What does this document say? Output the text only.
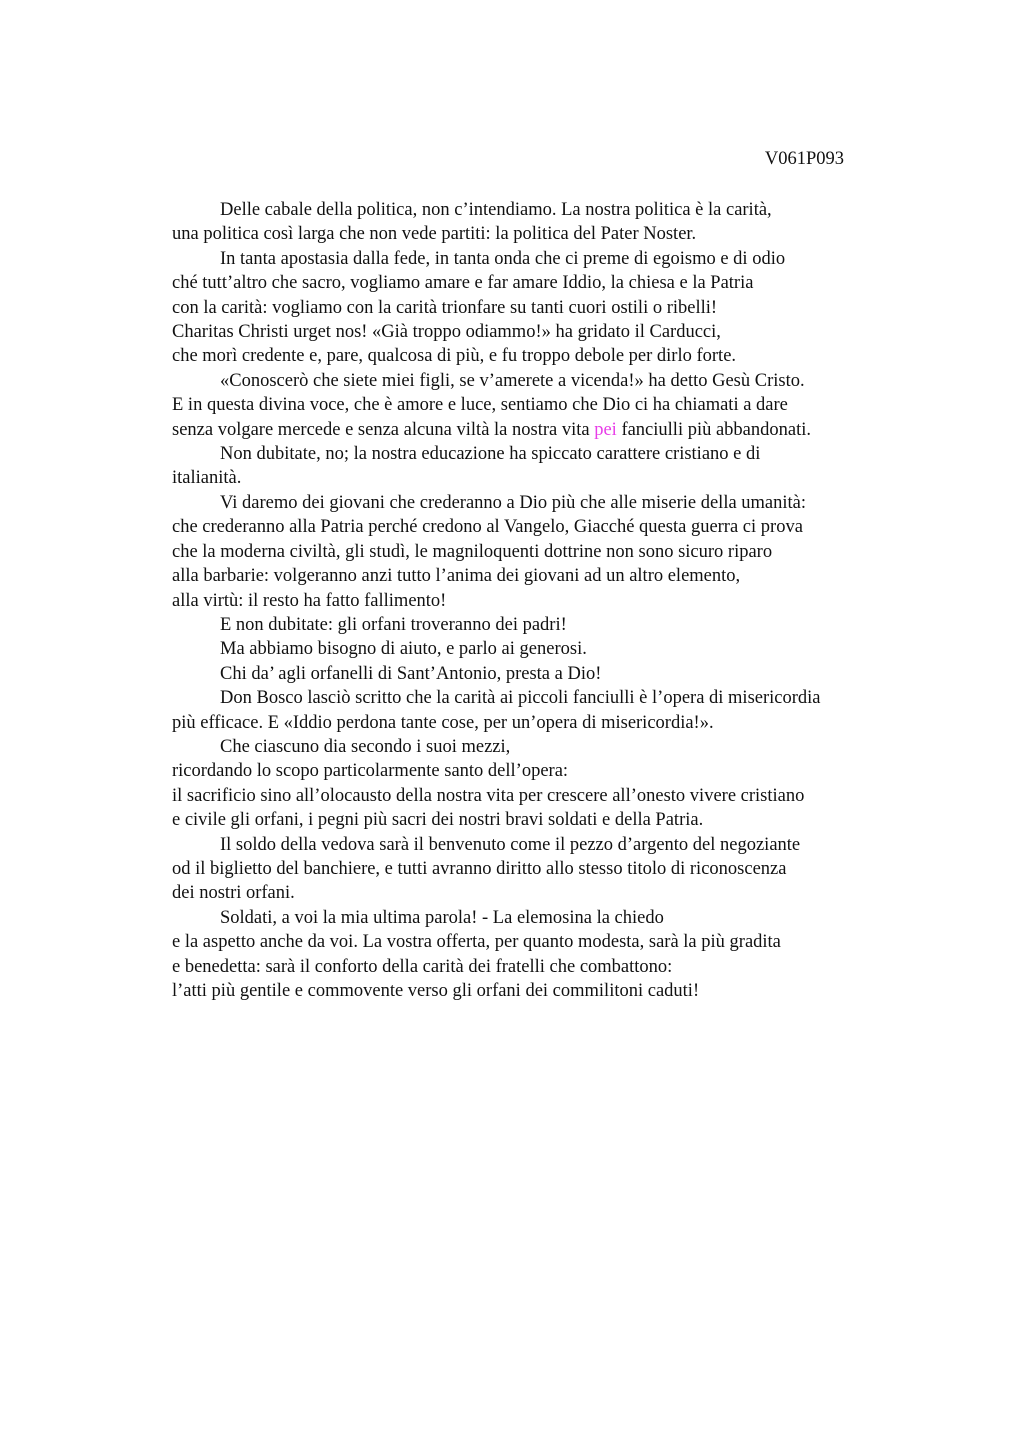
V061P093
Delle cabale della politica, non c’intendiamo. La nostra politica è la carità,
una politica così larga che non vede partiti: la politica del Pater Noster.
In tanta apostasia dalla fede, in tanta onda che ci preme di egoismo e di odio
ché tutt’altro che sacro, vogliamo amare e far amare Iddio, la chiesa e la Patria
con la carità: vogliamo con la carità trionfare su tanti cuori ostili o ribelli!
Charitas Christi urget nos! «Già troppo odiammo!» ha gridato il Carducci,
che morì credente e, pare, qualcosa di più, e fu troppo debole per dirlo forte.
«Conoscerò che siete miei figli, se v’amerete a vicenda!» ha detto Gesù Cristo.
E in questa divina voce, che è amore e luce, sentiamo che Dio ci ha chiamati a dare
senza volgare mercede e senza alcuna viltà la nostra vita pei fanciulli più abbandonati.
Non dubitate, no; la nostra educazione ha spiccato carattere cristiano e di
italianità.
Vi daremo dei giovani che crederanno a Dio più che alle miserie della umanità:
che crederanno alla Patria perché credono al Vangelo, Giacché questa guerra ci prova
che la moderna civiltà, gli studì, le magniloquenti dottrine non sono sicuro riparo
alla barbarie: volgeranno anzi tutto l’anima dei giovani ad un altro elemento,
alla virtù: il resto ha fatto fallimento!
E non dubitate: gli orfani troveranno dei padri!
Ma abbiamo bisogno di aiuto, e parlo ai generosi.
Chi da’ agli orfanelli di Sant’Antonio, presta a Dio!
Don Bosco lasciò scritto che la carità ai piccoli fanciulli è l’opera di misericordia
più efficace. E «Iddio perdona tante cose, per un’opera di misericordia!».
Che ciascuno dia secondo i suoi mezzi,
ricordando lo scopo particolarmente santo dell’opera:
il sacrificio sino all’olocausto della nostra vita per crescere all’onesto vivere cristiano
e civile gli orfani, i pegni più sacri dei nostri bravi soldati e della Patria.
Il soldo della vedova sarà il benvenuto come il pezzo d’argento del negoziante
od il biglietto del banchiere, e tutti avranno diritto allo stesso titolo di riconoscenza
dei nostri orfani.
Soldati, a voi la mia ultima parola! - La elemosina la chiedo
e la aspetto anche da voi. La vostra offerta, per quanto modesta, sarà la più gradita
e benedetta: sarà il conforto della carità dei fratelli che combattono:
l’atti più gentile e commovente verso gli orfani dei commilitoni caduti!
